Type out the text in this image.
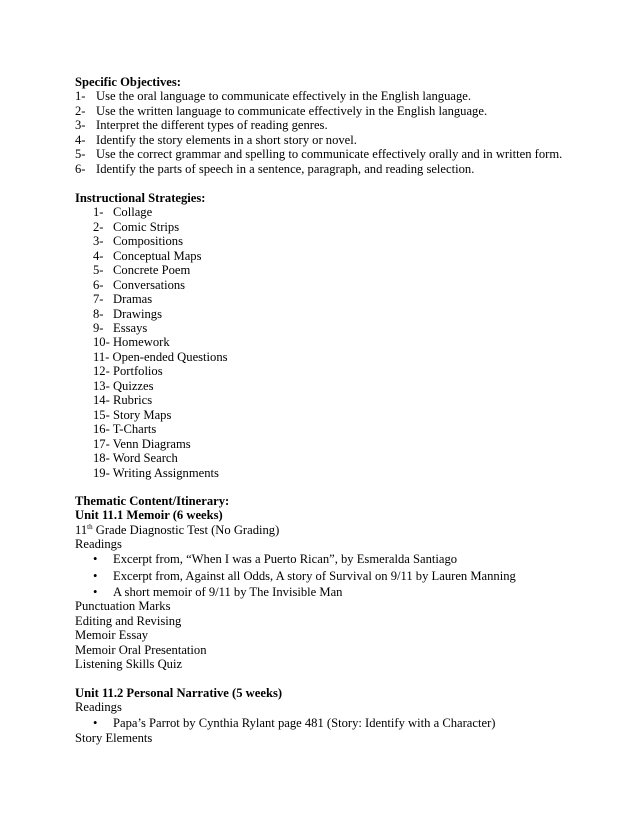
Specific Objectives:
1- Use the oral language to communicate effectively in the English language.
2- Use the written language to communicate effectively in the English language.
3- Interpret the different types of reading genres.
4- Identify the story elements in a short story or novel.
5- Use the correct grammar and spelling to communicate effectively orally and in written form.
6- Identify the parts of speech in a sentence, paragraph, and reading selection.
Instructional Strategies:
1- Collage
2- Comic Strips
3- Compositions
4- Conceptual Maps
5- Concrete Poem
6- Conversations
7- Dramas
8- Drawings
9- Essays
10- Homework
11- Open-ended Questions
12- Portfolios
13- Quizzes
14- Rubrics
15- Story Maps
16- T-Charts
17- Venn Diagrams
18- Word Search
19- Writing Assignments
Thematic Content/Itinerary:
Unit 11.1 Memoir (6 weeks)
11th Grade Diagnostic Test (No Grading)
Readings
• Excerpt from, “When I was a Puerto Rican”, by Esmeralda Santiago
• Excerpt from, Against all Odds, A story of Survival on 9/11 by Lauren Manning
• A short memoir of 9/11 by The Invisible Man
Punctuation Marks
Editing and Revising
Memoir Essay
Memoir Oral Presentation
Listening Skills Quiz
Unit 11.2 Personal Narrative (5 weeks)
Readings
• Papa’s Parrot by Cynthia Rylant page 481 (Story: Identify with a Character)
Story Elements
